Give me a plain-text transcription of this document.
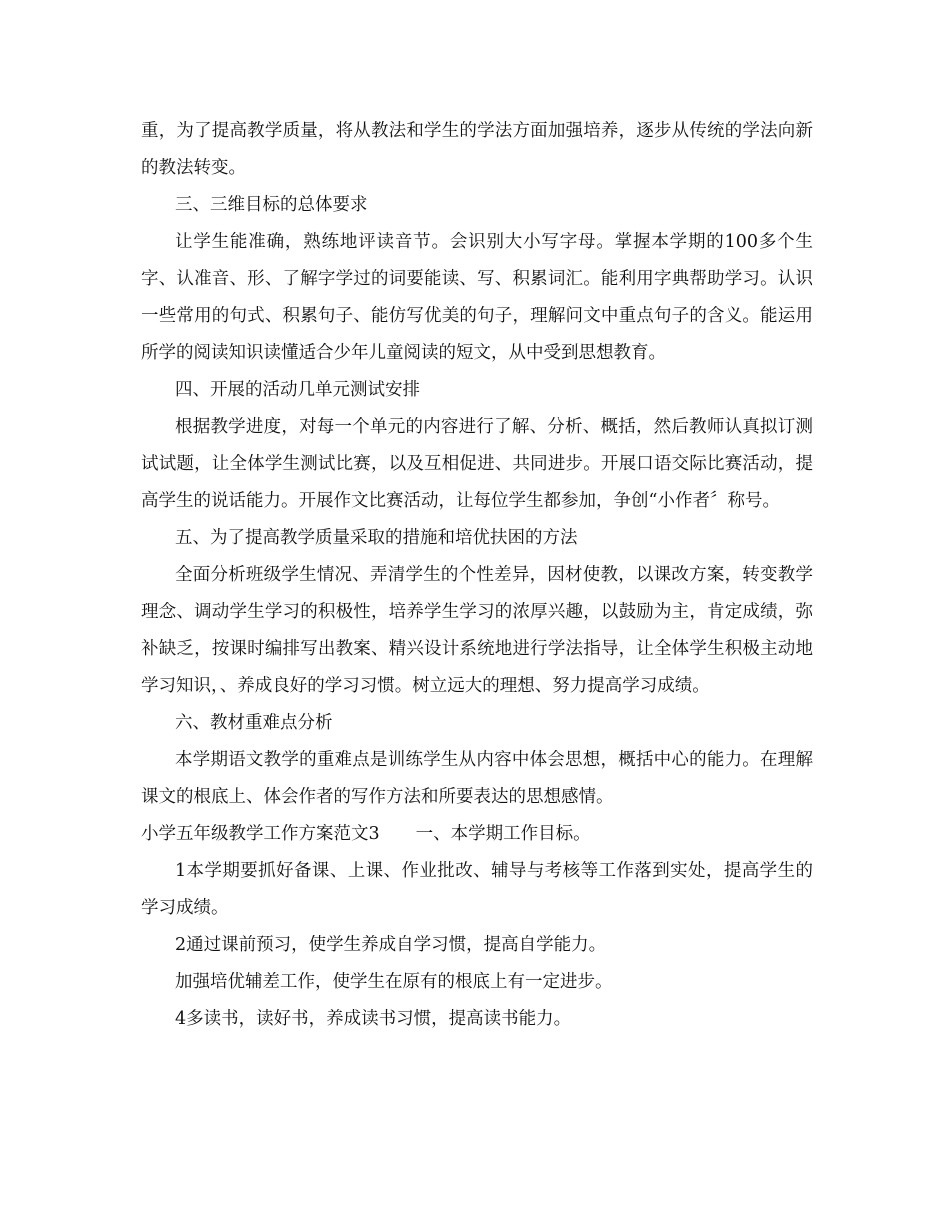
重，为了提高教学质量，将从教法和学生的学法方面加强培养，逐步从传统的学法向新的教法转变。

三、三维目标的总体要求

让学生能准确，熟练地评读音节。会识别大小写字母。掌握本学期的100多个生字、认准音、形、了解字学过的词要能读、写、积累词汇。能利用字典帮助学习。认识一些常用的句式、积累句子、能仿写优美的句子，理解问文中重点句子的含义。能运用所学的阅读知识读懂适合少年儿童阅读的短文，从中受到思想教育。

四、开展的活动几单元测试安排

根据教学进度，对每一个单元的内容进行了解、分析、概括，然后教师认真拟订测试试题，让全体学生测试比赛，以及互相促进、共同进步。开展口语交际比赛活动，提高学生的说话能力。开展作文比赛活动，让每位学生都参加，争创“小作者〞称号。

五、为了提高教学质量采取的措施和培优扶困的方法

全面分析班级学生情况、弄清学生的个性差异，因材使教，以课改方案，转变教学理念、调动学生学习的积极性，培养学生学习的浓厚兴趣，以鼓励为主，肯定成绩，弥补缺乏，按课时编排写出教案、精兴设计系统地进行学法指导，让全体学生积极主动地学习知识，、养成良好的学习习惯。树立远大的理想、努力提高学习成绩。

六、教材重难点分析

本学期语文教学的重难点是训练学生从内容中体会思想，概括中心的能力。在理解课文的根底上、体会作者的写作方法和所要表达的思想感情。

小学五年级教学工作方案范文3 一、本学期工作目标。

1本学期要抓好备课、上课、作业批改、辅导与考核等工作落到实处，提高学生的学习成绩。

2通过课前预习，使学生养成自学习惯，提高自学能力。

加强培优辅差工作，使学生在原有的根底上有一定进步。

4多读书，读好书，养成读书习惯，提高读书能力。
